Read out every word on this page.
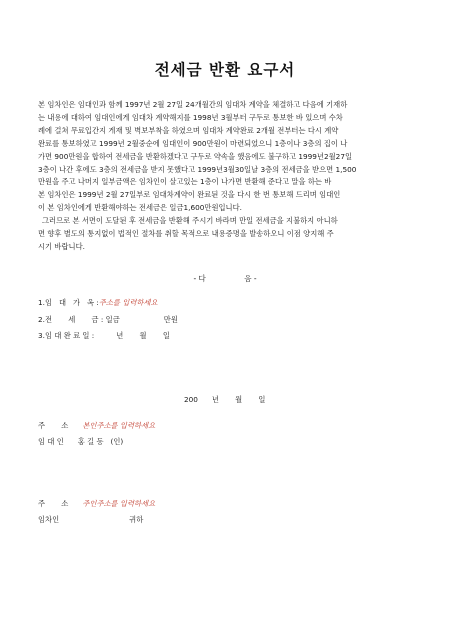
전세금 반환 요구서

본 임차인은 임대인과 함께 1997년 2월 27일 24개월간의 임대차 계약을 체결하고 다음에 기재하

는 내용에 대하여 임대인에게 임대차 계약해지를 1998년 3월부터 구두로 통보한 바 있으며 수차

례에 걸쳐 무료입간지 게재 및 벽보부착을 하였으며 임대차 계약완료 2개월 전부터는 다시 계약

완료를 통보하였고 1999년 2월중순에 임대인이 900만원이 마련되었으니 1층이나 3층의 집이 나

가면 900만원을 합하여 전세금을 반환하겠다고 구두로 약속을 했음에도 불구하고 1999년2월27일

3층이 나간 후에도 3층의 전세금을 받지 못했다고 1999년3월30일날 3층의 전세금을 받으면 1,500

만원을 주고 나머지 일부금액은 임차인이 살고있는 1층이 나가면 반환해 준다고 말을 하는 바

본 임차인은 1999년 2월 27일부로 임대차계약이 완료된 것을 다시 한 번 통보해 드리며 임대인

이 본 임차인에게 반환해야하는 전세금은 일금1,600만원입니다.

그러므로 본 서면이 도달된 후 전세금을 반환해 주시기 바라며 만일 전세금을 지불하지 아니하

면 향후 별도의 통지없이 법적인 절차를 취할 목적으로 내용증명을 발송하오니 이점 양지해 주

시기 바랍니다.

- 다	음 -
1.임   대   가   옥 :주소를 입력하세요
2.전       세       금 : 일금	만원
3.임 대 완 료 일 :	년       월       일
200      년       월       일
주       소 본인주소를 입력하세요
임 대 인 홍 길 동   (인)
주       소 주인주소를 입력하세요
임차인	귀하
